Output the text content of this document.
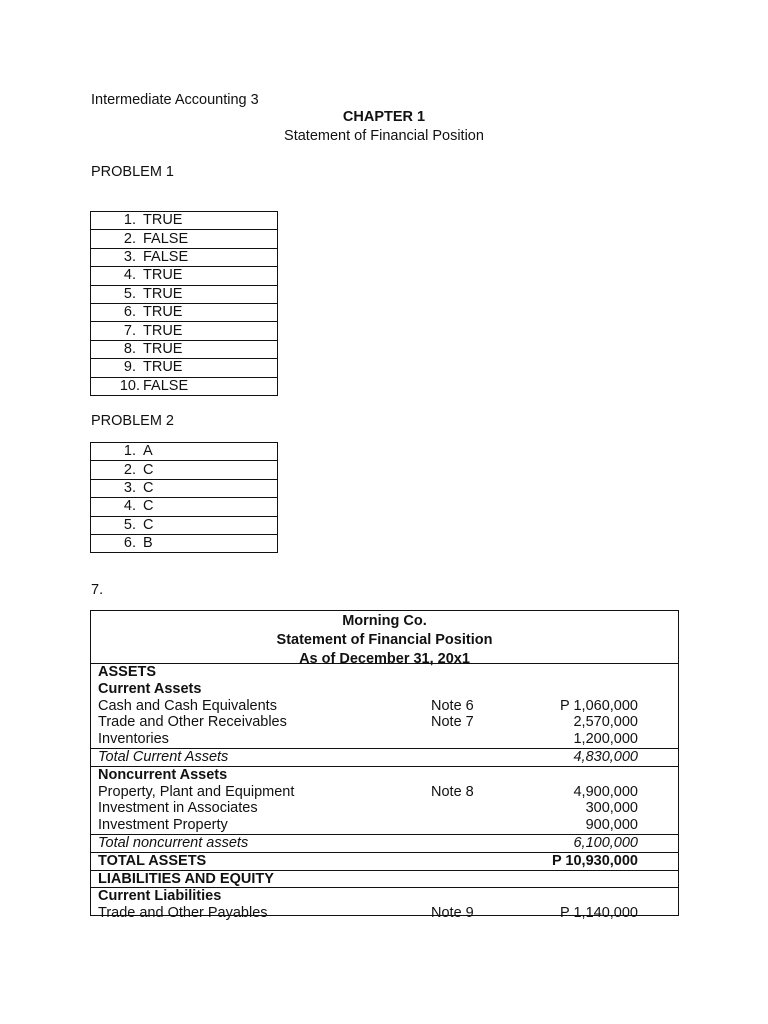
Intermediate Accounting 3
CHAPTER 1
Statement of Financial Position
PROBLEM 1
1. TRUE
2. FALSE
3. FALSE
4. TRUE
5. TRUE
6. TRUE
7. TRUE
8. TRUE
9. TRUE
10. FALSE
PROBLEM 2
1. A
2. C
3. C
4. C
5. C
6. B
7.
Morning Co.
Statement of Financial Position
As of December 31, 20x1
ASSETS
Current Assets
Cash and Cash Equivalents	Note 6	P 1,060,000
Trade and Other Receivables	Note 7	2,570,000
Inventories	1,200,000
Total Current Assets	4,830,000
Noncurrent Assets
Property, Plant and Equipment	Note 8	4,900,000
Investment in Associates	300,000
Investment Property	900,000
Total noncurrent assets	6,100,000
TOTAL ASSETS	P 10,930,000
LIABILITIES AND EQUITY
Current Liabilities
Trade and Other Payables	Note 9	P 1,140,000
